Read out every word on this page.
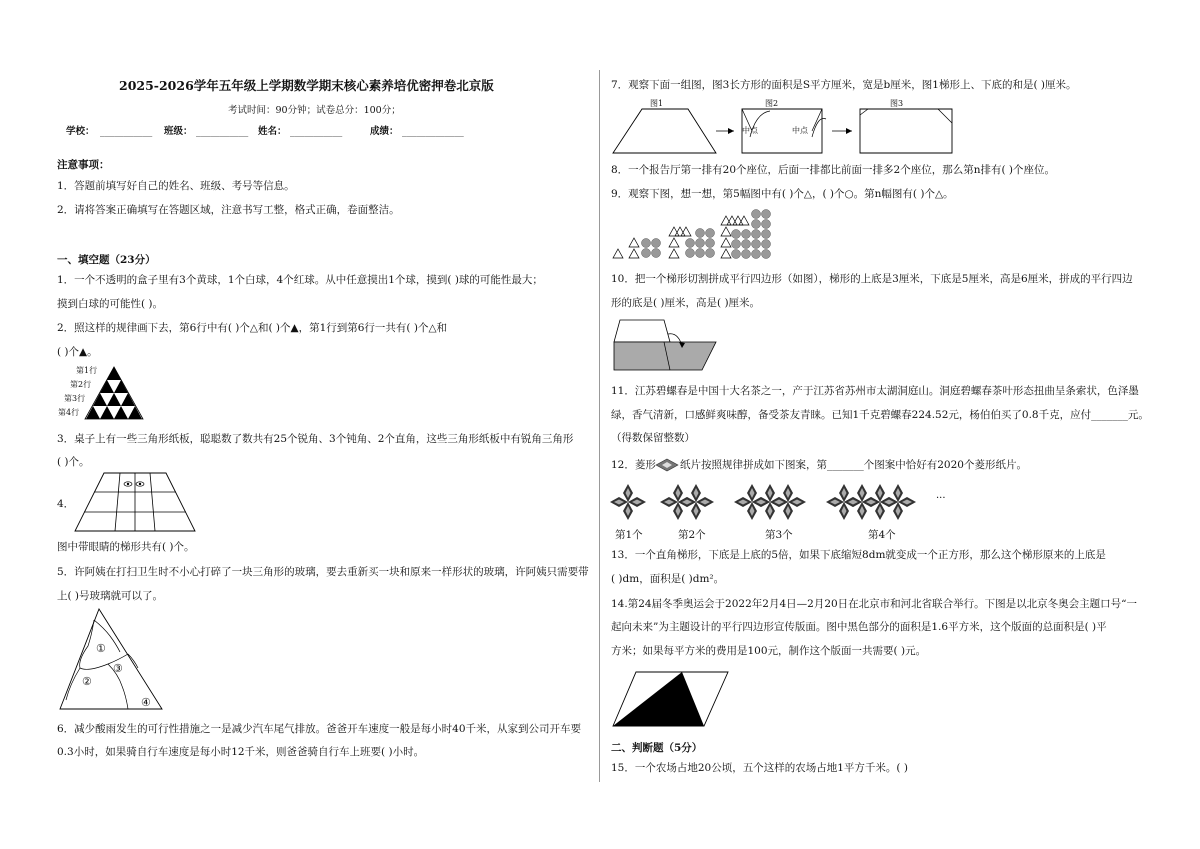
2025-2026学年五年级上学期数学期末核心素养培优密押卷北京版
考试时间：90分钟；试卷总分：100分；
学校： ___________ 班级： ___________ 姓名： ___________	成绩： _____________
注意事项：
1．答题前填写好自己的姓名、班级、考号等信息。
2．请将答案正确填写在答题区域，注意书写工整，格式正确，卷面整洁。
一、填空题（23分）
1．一个不透明的盒子里有3个黄球，1个白球，4个红球。从中任意摸出1个球，摸到( )球的可能性最大；
摸到白球的可能性( )。
2．照这样的规律画下去，第6行中有( )个△和( )个▲，第1行到第6行一共有( )个△和
( )个▲。
第1行
第2行
第3行
第4行
3．桌子上有一些三角形纸板，聪聪数了数共有25个锐角、3个钝角、2个直角，这些三角形纸板中有锐角三角形
( )个。
4．
图中带眼睛的梯形共有( )个。
5．许阿姨在打扫卫生时不小心打碎了一块三角形的玻璃，要去重新买一块和原来一样形状的玻璃，许阿姨只需要带
上( )号玻璃就可以了。
①
②
③
④
6．减少酸雨发生的可行性措施之一是减少汽车尾气排放。爸爸开车速度一般是每小时40千米，从家到公司开车要
0.3小时，如果骑自行车速度是每小时12千米，则爸爸骑自行车上班要( )小时。
7．观察下面一组图，图3长方形的面积是S平方厘米，宽是b厘米，图1梯形上、下底的和是( )厘米。
图1	图2	图3
中点	中点
8．一个报告厅第一排有20个座位，后面一排都比前面一排多2个座位，那么第n排有( )个座位。
9．观察下图，想一想，第5幅图中有( )个△，( )个○。第n幅图有( )个△。
10．把一个梯形切割拼成平行四边形（如图），梯形的上底是3厘米，下底是5厘米，高是6厘米，拼成的平行四边
形的底是( )厘米，高是( )厘米。
11．江苏碧螺春是中国十大名茶之一，产于江苏省苏州市太湖洞庭山。洞庭碧螺春茶叶形态扭曲呈条索状，色泽墨
绿，香气清新，口感鲜爽味醇，备受茶友青睐。已知1千克碧螺春224.52元，杨伯伯买了0.8千克，应付_______元。
（得数保留整数）
12．菱形 纸片按照规律拼成如下图案，第_______个图案中恰好有2020个菱形纸片。
···
第1个	第2个	第3个	第4个
13．一个直角梯形，下底是上底的5倍，如果下底缩短8dm就变成一个正方形，那么这个梯形原来的上底是
( )dm，面积是( )dm²。
14.第24届冬季奥运会于2022年2月4日—2月20日在北京市和河北省联合举行。下图是以北京冬奥会主题口号“一
起向未来”为主题设计的平行四边形宣传版面。图中黑色部分的面积是1.6平方米，这个版面的总面积是( )平
方米；如果每平方米的费用是100元，制作这个版面一共需要( )元。
二、判断题（5分）
15．一个农场占地20公顷，五个这样的农场占地1平方千米。( )
